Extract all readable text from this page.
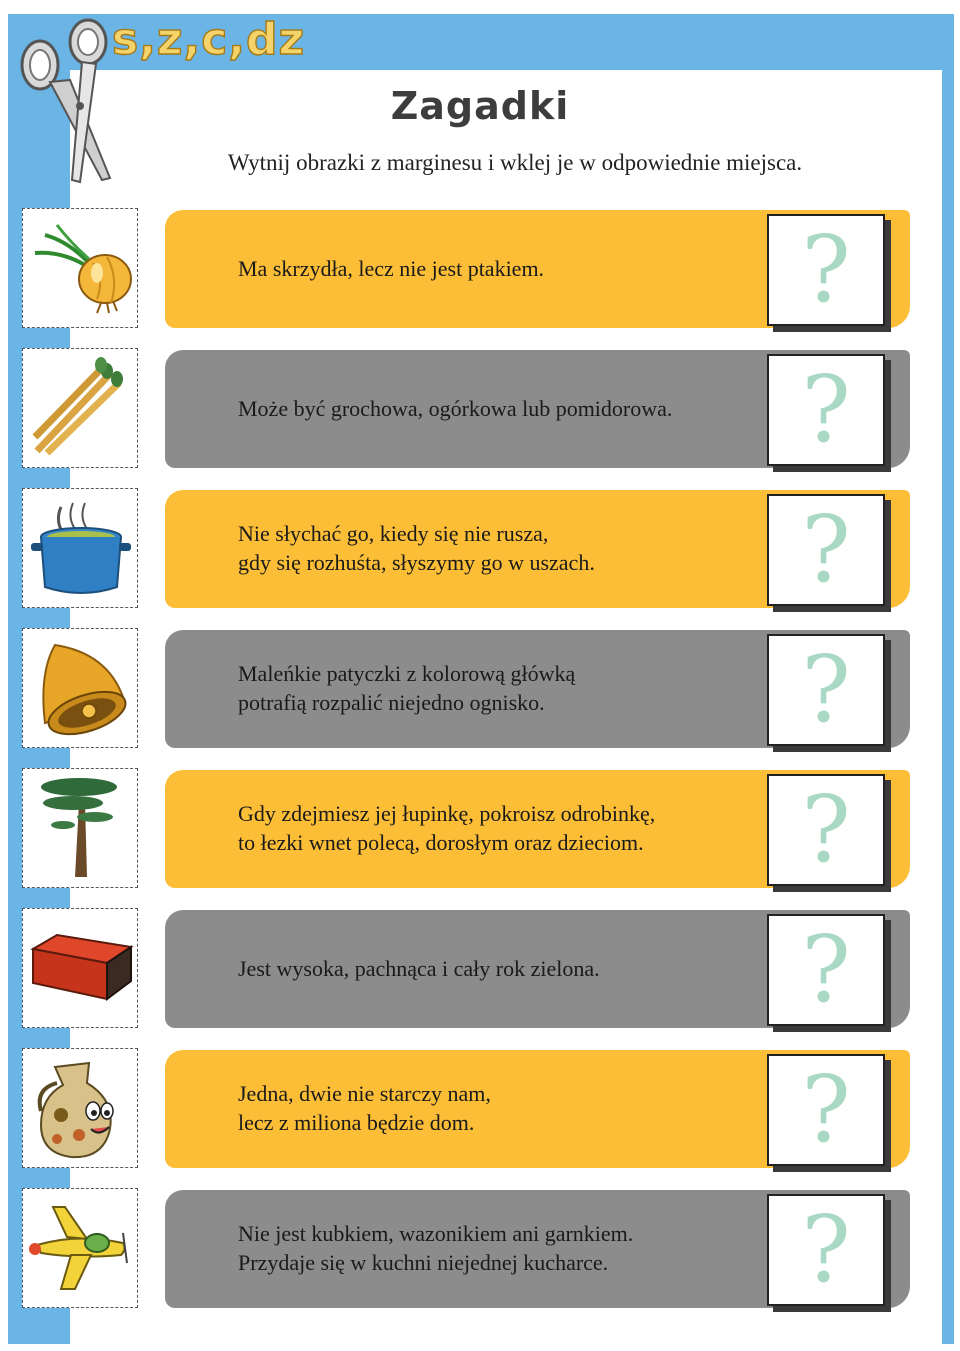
s,z,c,dz
Zagadki
Wytnij obrazki z marginesu i wklej je w odpowiednie miejsca.
Ma skrzydła, lecz nie jest ptakiem.	?
Może być grochowa, ogórkowa lub pomidorowa.	?
Nie słychać go, kiedy się nie rusza,
gdy się rozhuśta, słyszymy go w uszach.	?
Maleńkie patyczki z kolorową główką
potrafią rozpalić niejedno ognisko.	?
Gdy zdejmiesz jej łupinkę, pokroisz odrobinkę,
to łezki wnet polecą, dorosłym oraz dzieciom.	?
Jest wysoka, pachnąca i cały rok zielona.	?
Jedna, dwie nie starczy nam,
lecz z miliona będzie dom.	?
Nie jest kubkiem, wazonikiem ani garnkiem.
Przydaje się w kuchni niejednej kucharce.	?
